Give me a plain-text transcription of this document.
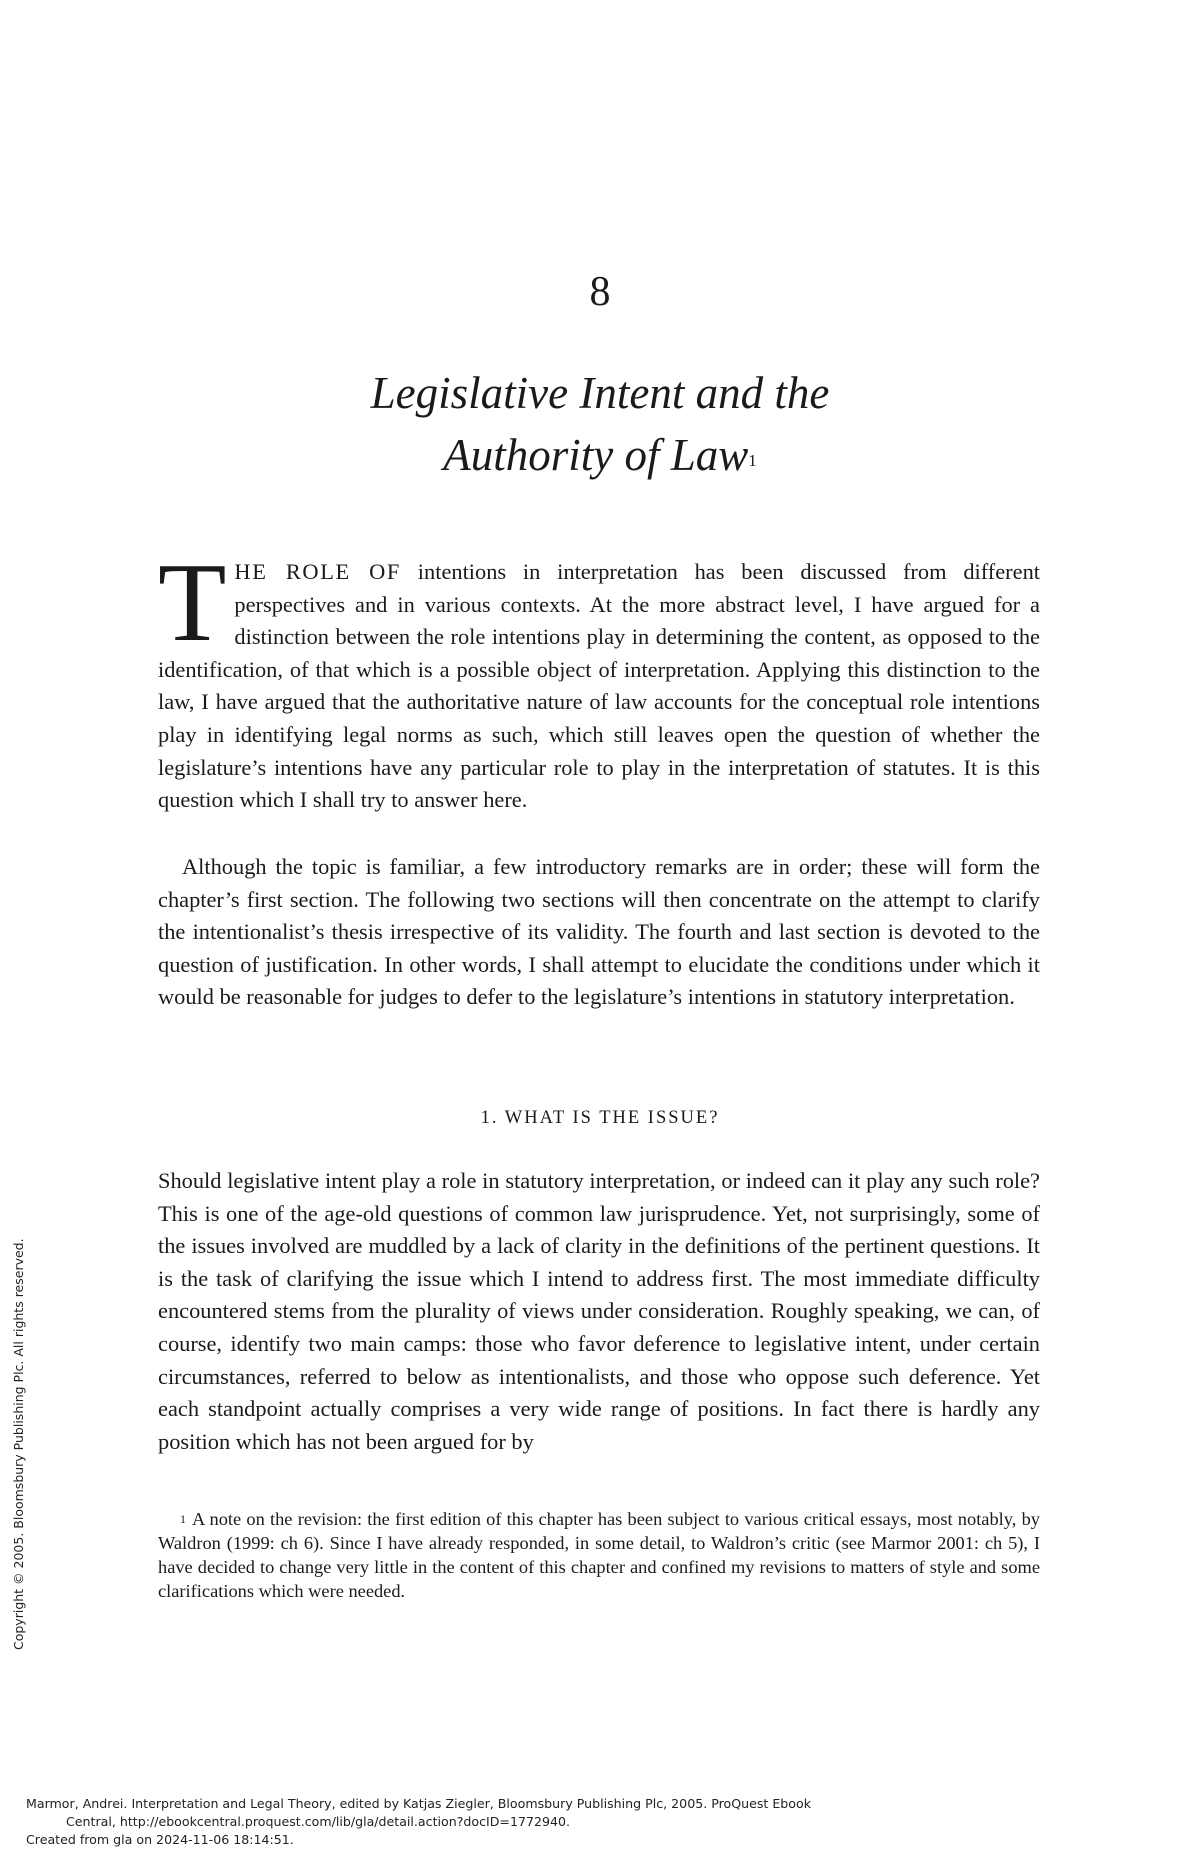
8
Legislative Intent and the
Authority of Law$^1$
THE ROLE OF intentions in interpretation has been discussed from different perspectives and in various contexts. At the more abstract level, I have argued for a distinction between the role intentions play in determining the content, as opposed to the identification, of that which is a possible object of interpretation. Applying this distinction to the law, I have argued that the authoritative nature of law accounts for the conceptual role intentions play in identifying legal norms as such, which still leaves open the question of whether the legislature’s intentions have any particular role to play in the interpretation of statutes. It is this question which I shall try to answer here.
Although the topic is familiar, a few introductory remarks are in order; these will form the chapter’s first section. The following two sections will then concentrate on the attempt to clarify the intentionalist’s thesis irrespective of its validity. The fourth and last section is devoted to the question of justification. In other words, I shall attempt to elucidate the conditions under which it would be reasonable for judges to defer to the legislature’s intentions in statutory interpretation.
1. WHAT IS THE ISSUE?
Should legislative intent play a role in statutory interpretation, or indeed can it play any such role? This is one of the age-old questions of common law jurisprudence. Yet, not surprisingly, some of the issues involved are muddled by a lack of clarity in the definitions of the pertinent questions. It is the task of clarifying the issue which I intend to address first. The most immediate difficulty encountered stems from the plurality of views under consideration. Roughly speaking, we can, of course, identify two main camps: those who favor deference to legislative intent, under certain circumstances, referred to below as intentionalists, and those who oppose such deference. Yet each standpoint actually comprises a very wide range of positions. In fact there is hardly any position which has not been argued for by
$^1$ A note on the revision: the first edition of this chapter has been subject to various critical essays, most notably, by Waldron (1999: ch 6). Since I have already responded, in some detail, to Waldron’s critic (see Marmor 2001: ch 5), I have decided to change very little in the content of this chapter and confined my revisions to matters of style and some clarifications which were needed.
Copyright © 2005. Bloomsbury Publishing Plc. All rights reserved.
Marmor, Andrei. Interpretation and Legal Theory, edited by Katjas Ziegler, Bloomsbury Publishing Plc, 2005. ProQuest Ebook
Central, http://ebookcentral.proquest.com/lib/gla/detail.action?docID=1772940.
Created from gla on 2024-11-06 18:14:51.
